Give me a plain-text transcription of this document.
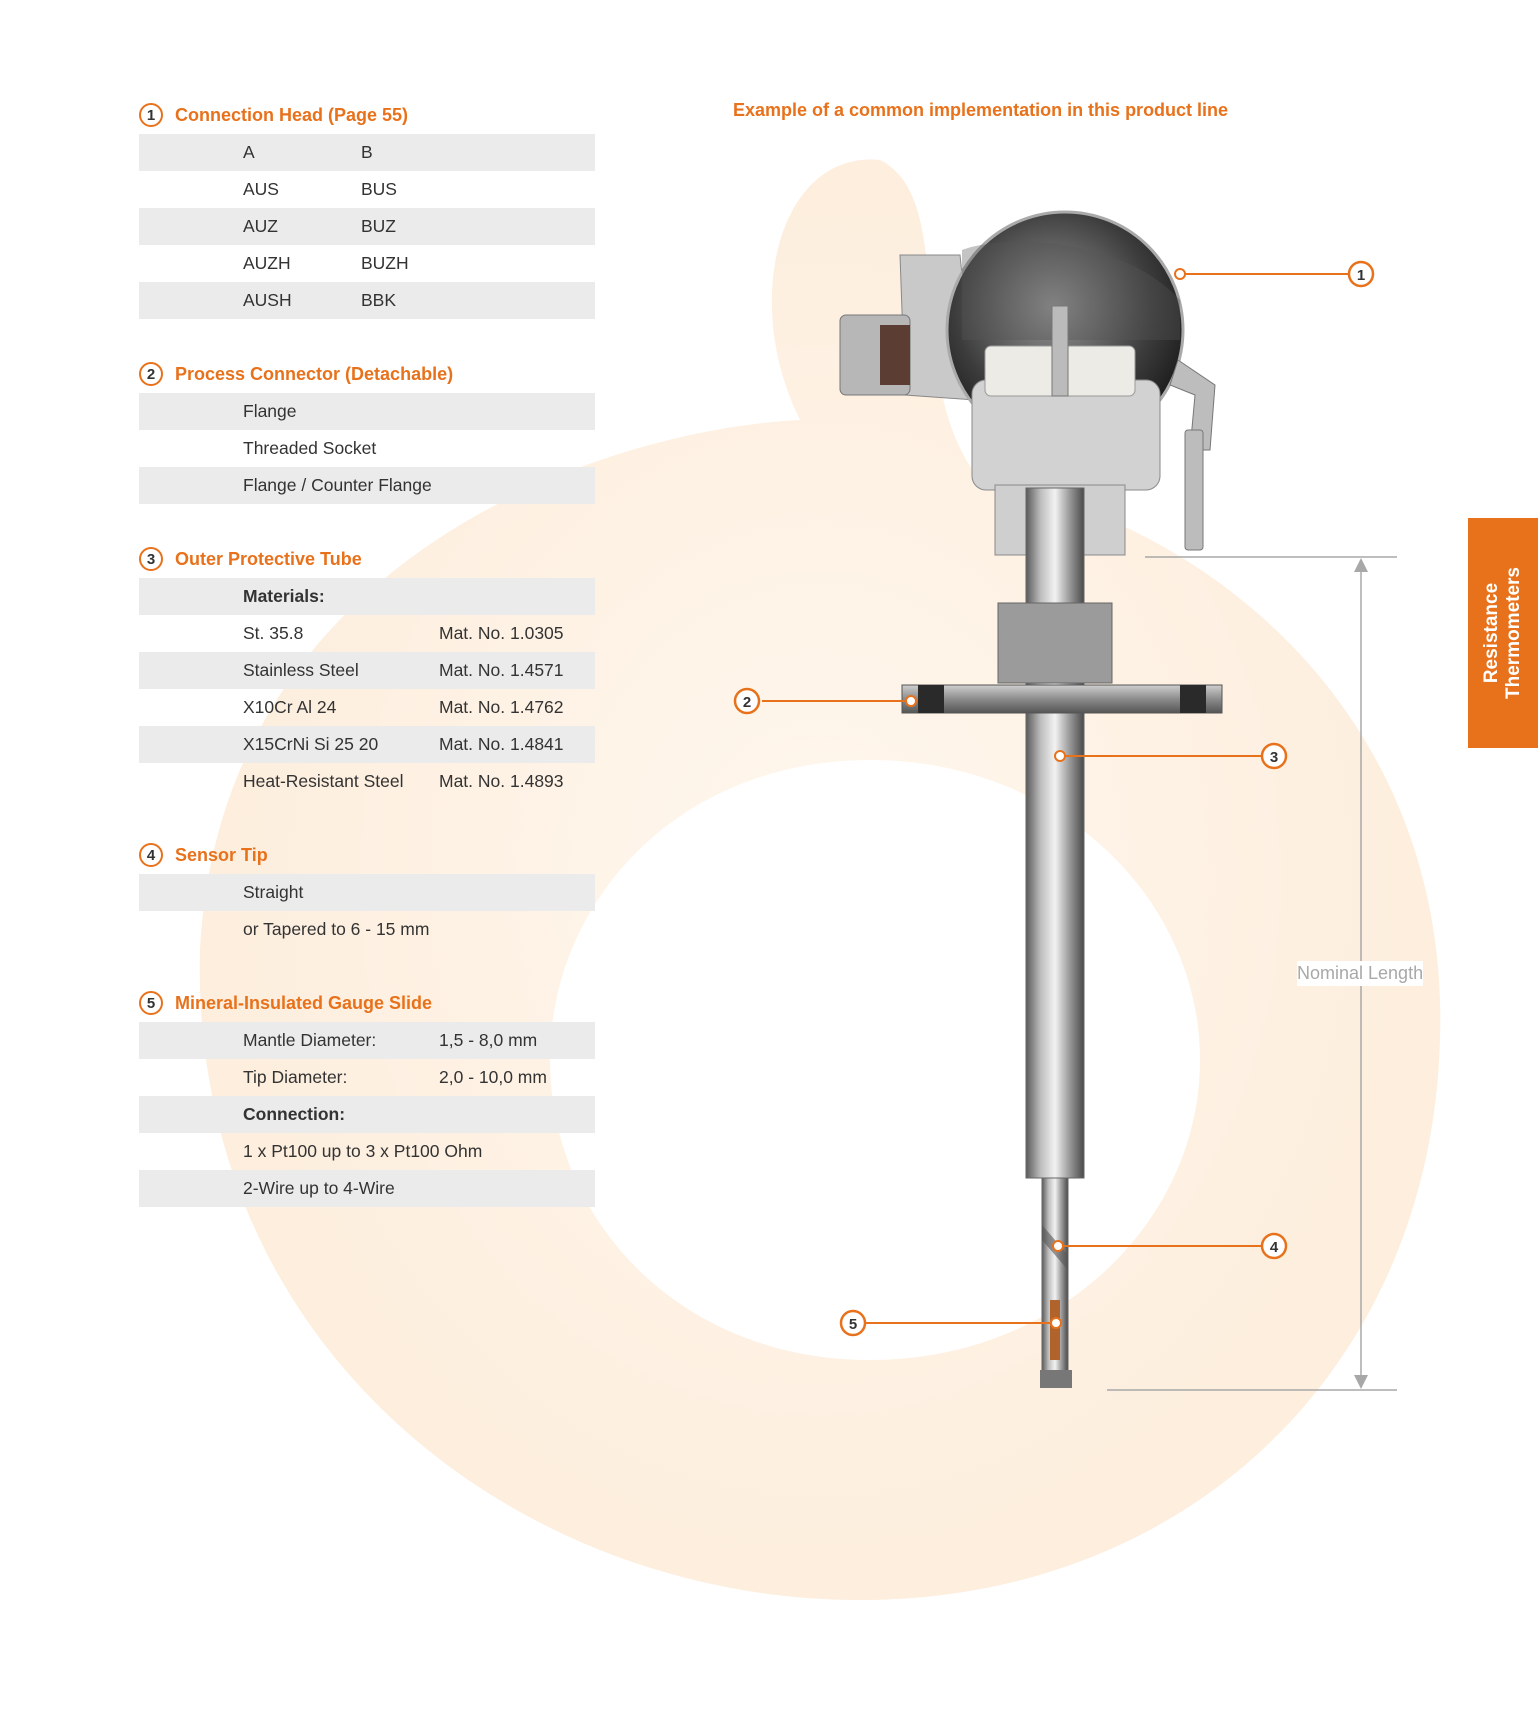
1	Connection Head (Page 55)
A	B
AUS	BUS
AUZ	BUZ
AUZH	BUZH
AUSH	BBK
2	Process Connector (Detachable)
Flange
Threaded Socket
Flange / Counter Flange
3	Outer Protective Tube
Materials:
St. 35.8	Mat. No. 1.0305
Stainless Steel	Mat. No. 1.4571
X10Cr Al 24	Mat. No. 1.4762
X15CrNi Si 25 20	Mat. No. 1.4841
Heat-Resistant Steel	Mat. No. 1.4893
4	Sensor Tip
Straight
or Tapered to 6 - 15 mm
5	Mineral-Insulated Gauge Slide
Mantle Diameter:	1,5 - 8,0 mm
Tip Diameter:	2,0 - 10,0 mm
Connection:
1 x Pt100 up to 3 x Pt100 Ohm
2-Wire up to 4-Wire
Example of a common implementation in this product line
1
2
3
4
5
Nominal Length
Resistance Thermometers
